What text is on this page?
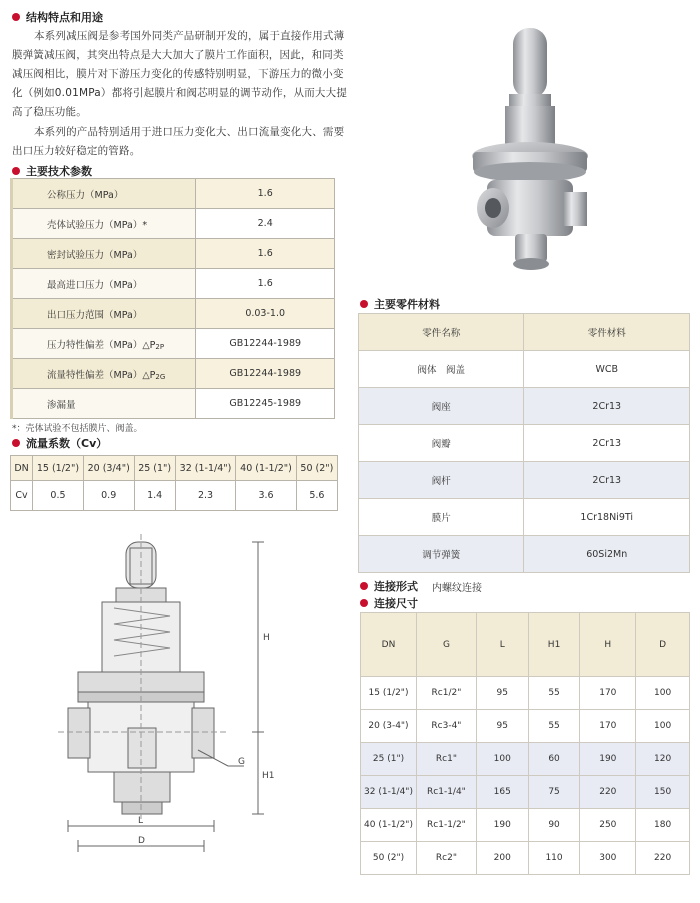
结构特点和用途

本系列减压阀是参考国外同类产品研制开发的，属于直接作用式薄膜弹簧减压阀，其突出特点是大大加大了膜片工作面积，因此，和同类减压阀相比，膜片对下游压力变化的传感特别明显，下游压力的微小变化（例如0.01MPa）都将引起膜片和阀芯明显的调节动作，从而大大提高了稳压功能。

本系列的产品特别适用于进口压力变化大、出口流量变化大、需要出口压力较好稳定的管路。

主要技术参数
公称压力（MPa）	1.6
壳体试验压力（MPa）*	2.4
密封试验压力（MPa）	1.6
最高进口压力（MPa）	1.6
出口压力范围（MPa）	0.03-1.0
压力特性偏差（MPa）△P2P	GB12244-1989
流量特性偏差（MPa）△P2G	GB12244-1989
渗漏量	GB12245-1989
*：壳体试验不包括膜片、阀盖。
流量系数（Cv）
DN	15 (1/2")	20 (3/4")	25 (1")	32 (1-1/4")	40 (1-1/2")	50 (2")
Cv	0.5	0.9	1.4	2.3	3.6	5.6
H
H1
G
L
D
主要零件材料
零件名称	零件材料
阀体　阀盖	WCB
阀座	2Cr13
阀瓣	2Cr13
阀杆	2Cr13
膜片	1Cr18Ni9Ti
调节弹簧	60Si2Mn
连接形式 内螺纹连接
连接尺寸
DN	G	L	H1	H	D
15 (1/2")	Rc1/2"	95	55	170	100
20 (3-4")	Rc3-4"	95	55	170	100
25 (1")	Rc1"	100	60	190	120
32 (1-1/4")	Rc1-1/4"	165	75	220	150
40 (1-1/2")	Rc1-1/2"	190	90	250	180
50 (2")	Rc2"	200	110	300	220
